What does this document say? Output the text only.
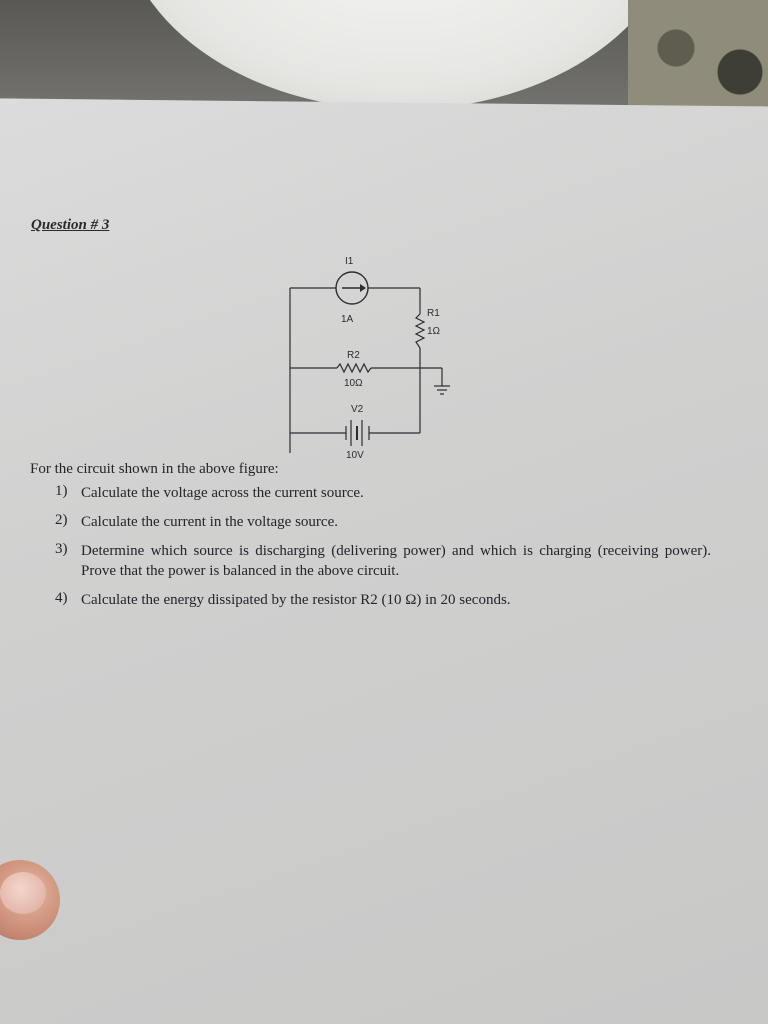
Question # 3
I1
1A
R1
1Ω
R2
10Ω
V2
10V
For the circuit shown in the above figure:
1) Calculate the voltage across the current source.
2) Calculate the current in the voltage source.
3) Determine which source is discharging (delivering power) and which is charging (receiving power). Prove that the power is balanced in the above circuit.
4) Calculate the energy dissipated by the resistor R2 (10 Ω) in 20 seconds.
